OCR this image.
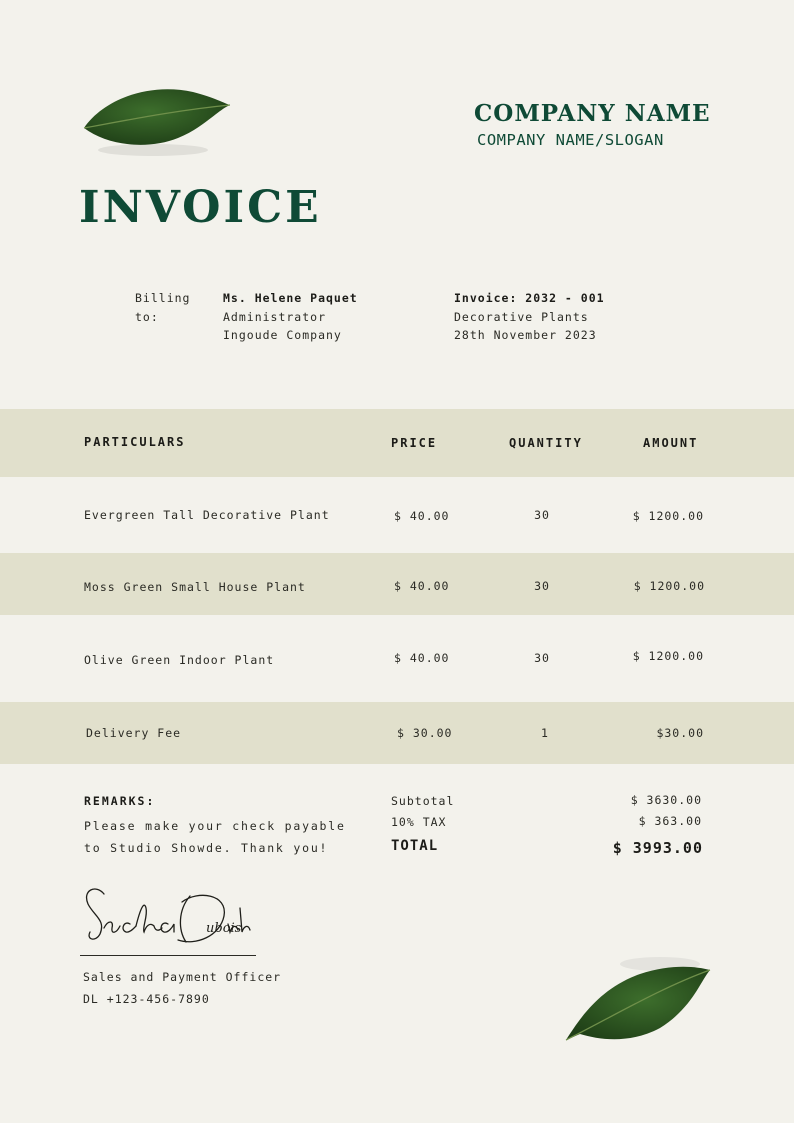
COMPANY NAME
COMPANY NAME/SLOGAN
INVOICE
Billing
to:
Ms. Helene Paquet
Administrator
Ingoude Company
Invoice: 2032 - 001
Decorative Plants
28th November 2023
PARTICULARS	PRICE	QUANTITY	AMOUNT
Evergreen Tall Decorative Plant	$ 40.00	30	$ 1200.00
Moss Green Small House Plant	$ 40.00	30	$ 1200.00
Olive Green Indoor Plant	$ 40.00	30	$ 1200.00
Delivery Fee	$ 30.00	1	$30.00
REMARKS:
Please make your check payable to Studio Showde. Thank you!
Subtotal	$ 3630.00
10% TAX	$ 363.00
TOTAL	$ 3993.00
ubois
Sales and Payment Officer
DL +123-456-7890
